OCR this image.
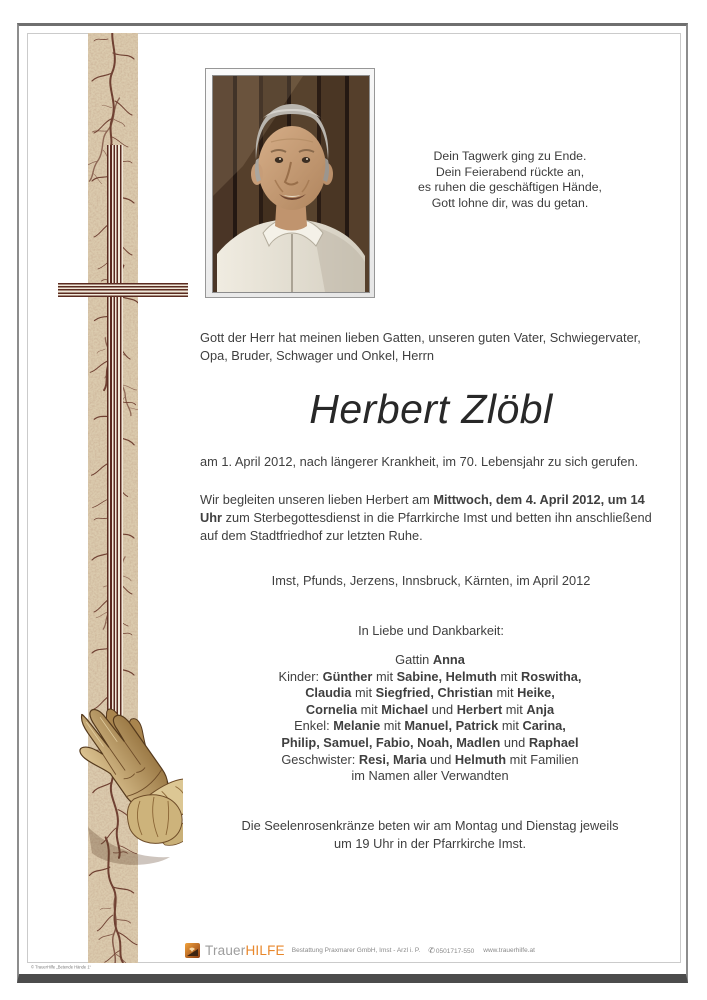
Dein Tagwerk ging zu Ende.
Dein Feierabend rückte an,
es ruhen die geschäftigen Hände,
Gott lohne dir, was du getan.
Gott der Herr hat meinen lieben Gatten, unseren guten Vater, Schwiegervater, Opa, Bruder, Schwager und Onkel, Herrn
Herbert Zlöbl
am 1. April 2012, nach längerer Krankheit, im 70. Lebensjahr zu sich gerufen.

Wir begleiten unseren lieben Herbert am Mittwoch, dem 4. April 2012, um 14 Uhr zum Sterbegottesdienst in die Pfarrkirche Imst und betten ihn anschließend auf dem Stadtfriedhof zur letzten Ruhe.

Imst, Pfunds, Jerzens, Innsbruck, Kärnten, im April 2012
In Liebe und Dankbarkeit:
Gattin Anna
Kinder: Günther mit Sabine, Helmuth mit Roswitha,
Claudia mit Siegfried, Christian mit Heike,
Cornelia mit Michael und Herbert mit Anja
Enkel: Melanie mit Manuel, Patrick mit Carina,
Philip, Samuel, Fabio, Noah, Madlen und Raphael
Geschwister: Resi, Maria und Helmuth mit Familien
im Namen aller Verwandten
Die Seelenrosenkränze beten wir am Montag und Dienstag jeweils
um 19 Uhr in der Pfarrkirche Imst.
TrauerHILFE Bestattung Praxmarer GmbH, Imst - Arzl i. P. ✆0501717-550 www.trauerhilfe.at
© TrauerHilfe „Betende Hände 1“
